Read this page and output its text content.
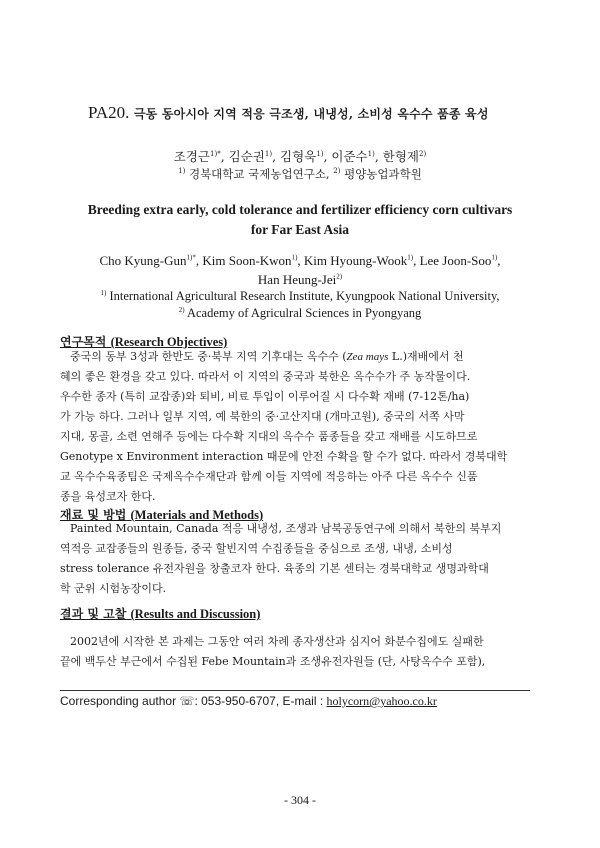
PA20. 극동 동아시아 지역 적응 극조생, 내냉성, 소비성 옥수수 품종 육성
조경근$^{1)*}$, 김순권$^{1)}$, 김형욱$^{1)}$, 이준수$^{1)}$, 한형제$^{2)}$
$^{1)}$ 경북대학교 국제농업연구소, $^{2)}$ 평양농업과학원
Breeding extra early, cold tolerance and fertilizer efficiency corn cultivars
for Far East Asia
Cho Kyung-Gun$^{1)*}$, Kim Soon-Kwon$^{1)}$, Kim Hyoung-Wook$^{1)}$, Lee Joon-Soo$^{1)}$,
Han Heung-Jei$^{2)}$
$^{1)}$ International Agricultural Research Institute, Kyungpook National University,
$^{2)}$ Academy of Agriculral Sciences in Pyongyang
연구목적 (Research Objectives)
중국의 동부 3성과 한반도 중·북부 지역 기후대는 옥수수 (Zea mays L.)재배에서 천
혜의 좋은 환경을 갖고 있다. 따라서 이 지역의 중국과 북한은 옥수수가 주 농작물이다.
우수한 종자 (특히 교잡종)와 퇴비, 비료 투입이 이루어질 시 다수확 재배 (7-12톤/ha)
가 가능 하다. 그러나 일부 지역, 예 북한의 중·고산지대 (개마고원), 중국의 서쪽 사막
지대, 몽골, 소련 연해주 등에는 다수확 지대의 옥수수 품종들을 갖고 재배를 시도하므로
Genotype x Environment interaction 때문에 안전 수확을 할 수가 없다. 따라서 경북대학
교 옥수수육종팀은 국제옥수수재단과 함께 이들 지역에 적응하는 아주 다른 옥수수 신품
종을 육성코자 한다.
재료 및 방법 (Materials and Methods)
Painted Mountain, Canada 적응 내냉성, 조생과 남북공동연구에 의해서 북한의 북부지
역적응 교잡종들의 원종들, 중국 할빈지역 수집종들을 중심으로 조생, 내냉, 소비성
stress tolerance 유전자원을 창출코자 한다. 육종의 기본 센터는 경북대학교 생명과학대
학 군위 시험농장이다.
결과 및 고찰 (Results and Discussion)
2002년에 시작한 본 과제는 그동안 여러 차례 종자생산과 심지어 화분수집에도 실패한
끝에 백두산 부근에서 수집된 Febe Mountain과 조생유전자원들 (단, 사탕옥수수 포함),
Corresponding author ☏: 053-950-6707, E-mail : holycorn@yahoo.co.kr
- 304 -
